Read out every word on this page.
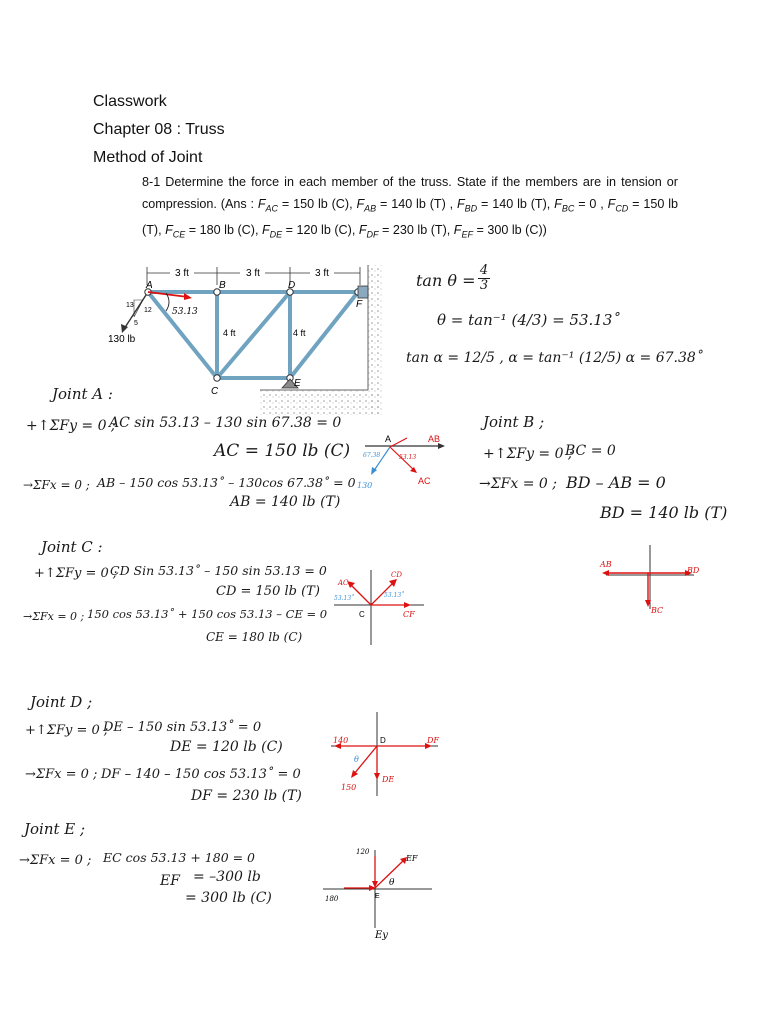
Classwork
Chapter 08 : Truss
Method of Joint

8-1 Determine the force in each member of the truss. State if the members are in tension or compression. (Ans : $F_{AC} = 150$ lb (C), $F_{AB} = 140$ lb (T) , $F_{BD} = 140$ lb (T), $F_{BC} = 0$ , $F_{CD} = 150$ lb (T), $F_{CE} = 180$ lb (C), $F_{DE} = 120$ lb (C), $F_{DF} = 230$ lb (T), $F_{EF} = 300$ lb (C))

3 ft	3 ft	3 ft
A	B	D
F
C
E
4 ft	4 ft
13
12
5
130 lb
53.13
$\tan \theta = \frac{4}{3}$
θ = tan⁻¹ (4/3) = 53.13˚
tan α = 12/5 , α = tan⁻¹ (12/5) α = 67.38˚
Joint A :
+↑ΣFy = 0 ;
AC sin 53.13 – 130 sin 67.38 = 0
AC = 150 lb (C)
→ΣFx = 0 ; AB – 150 cos 53.13˚ – 130cos 67.38˚ = 0
AB = 140 lb (T)
A	AB
67.38	53.13
130	AC
Joint B ;
+↑ΣFy = 0 ;
BC = 0
→ΣFx = 0 ; BD – AB = 0
BD = 140 lb (T)
AB
BD
BC
Joint C :
+↑ΣFy = 0 ;
CD Sin 53.13˚ – 150 sin 53.13 = 0
CD = 150 lb (T)
→ΣFx = 0 ; 150 cos 53.13˚ + 150 cos 53.13 – CE = 0
CE = 180 lb (C)
AC
CD
53.13˚	53.13˚
C	CF
Joint D ;
+↑ΣFy = 0 ;
DE – 150 sin 53.13˚ = 0
DE = 120 lb (C)
→ΣFx = 0 ; DF – 140 – 150 cos 53.13˚ = 0
DF = 230 lb (T)
140	D	DF
θ
150
DE
Joint E ;
→ΣFx = 0 ; EC cos 53.13 + 180 = 0
EF = –300 lb
= 300 lb (C)
120
EF
θ
180	E
Ey
